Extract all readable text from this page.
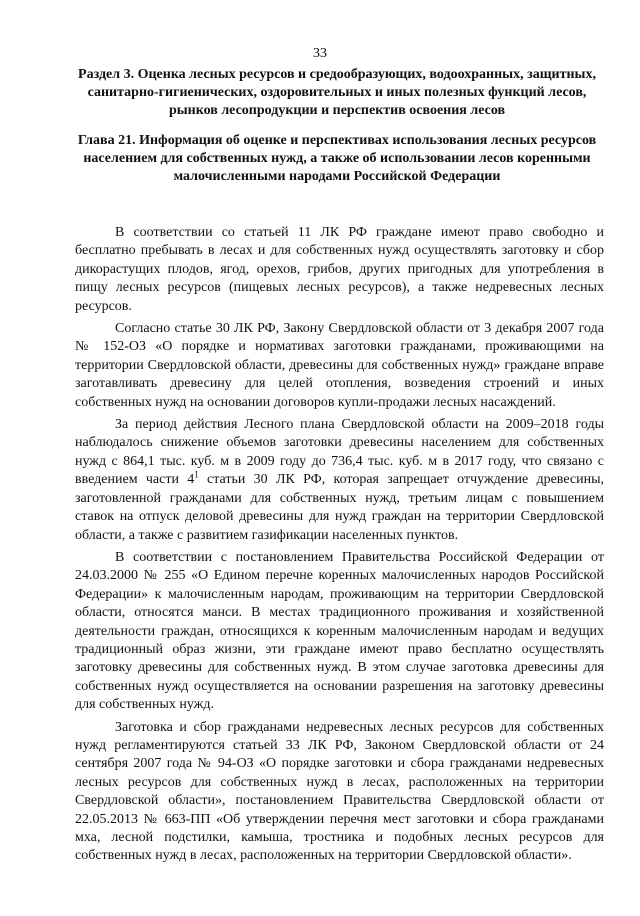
33
Раздел 3. Оценка лесных ресурсов и средообразующих, водоохранных, защитных, санитарно-гигиенических, оздоровительных и иных полезных функций лесов, рынков лесопродукции и перспектив освоения лесов
Глава 21. Информация об оценке и перспективах использования лесных ресурсов населением для собственных нужд, а также об использовании лесов коренными малочисленными народами Российской Федерации

В соответствии со статьей 11 ЛК РФ граждане имеют право свободно и бесплатно пребывать в лесах и для собственных нужд осуществлять заготовку и сбор дикорастущих плодов, ягод, орехов, грибов, других пригодных для употребления в пищу лесных ресурсов (пищевых лесных ресурсов), а также недревесных лесных ресурсов.

Согласно статье 30 ЛК РФ, Закону Свердловской области от 3 декабря 2007 года № 152-ОЗ «О порядке и нормативах заготовки гражданами, проживающими на территории Свердловской области, древесины для собственных нужд» граждане вправе заготавливать древесину для целей отопления, возведения строений и иных собственных нужд на основании договоров купли-продажи лесных насаждений.

За период действия Лесного плана Свердловской области на 2009–2018 годы наблюдалось снижение объемов заготовки древесины населением для собственных нужд с 864,1 тыс. куб. м в 2009 году до 736,4 тыс. куб. м в 2017 году, что связано с введением части $4^1$ статьи 30 ЛК РФ, которая запрещает отчуждение древесины, заготовленной гражданами для собственных нужд, третьим лицам с повышением ставок на отпуск деловой древесины для нужд граждан на территории Свердловской области, а также с развитием газификации населенных пунктов.

В соответствии с постановлением Правительства Российской Федерации от 24.03.2000 № 255 «О Едином перечне коренных малочисленных народов Российской Федерации» к малочисленным народам, проживающим на территории Свердловской области, относятся манси. В местах традиционного проживания и хозяйственной деятельности граждан, относящихся к коренным малочисленным народам и ведущих традиционный образ жизни, эти граждане имеют право бесплатно осуществлять заготовку древесины для собственных нужд. В этом случае заготовка древесины для собственных нужд осуществляется на основании разрешения на заготовку древесины для собственных нужд.

Заготовка и сбор гражданами недревесных лесных ресурсов для собственных нужд регламентируются статьей 33 ЛК РФ, Законом Свердловской области от 24 сентября 2007 года № 94-ОЗ «О порядке заготовки и сбора гражданами недревесных лесных ресурсов для собственных нужд в лесах, расположенных на территории Свердловской области», постановлением Правительства Свердловской области от 22.05.2013 № 663-ПП «Об утверждении перечня мест заготовки и сбора гражданами мха, лесной подстилки, камыша, тростника и подобных лесных ресурсов для собственных нужд в лесах, расположенных на территории Свердловской области».
